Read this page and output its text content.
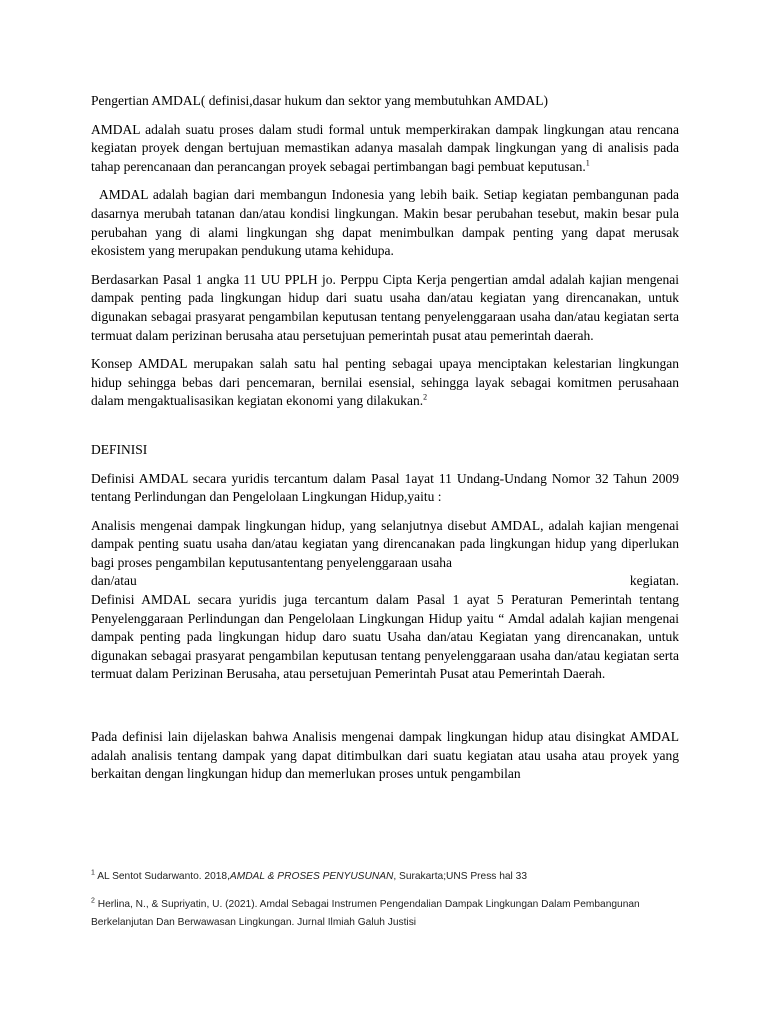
Pengertian AMDAL( definisi,dasar hukum dan sektor yang membutuhkan AMDAL)

AMDAL adalah suatu proses dalam studi formal untuk memperkirakan dampak lingkungan atau rencana kegiatan proyek dengan bertujuan memastikan adanya masalah dampak lingkungan yang di analisis pada tahap perencanaan dan perancangan proyek sebagai pertimbangan bagi pembuat keputusan.$^1$

AMDAL adalah bagian dari membangun Indonesia yang lebih baik. Setiap kegiatan pembangunan pada dasarnya merubah tatanan dan/atau kondisi lingkungan. Makin besar perubahan tesebut, makin besar pula perubahan yang di alami lingkungan shg dapat menimbulkan dampak penting yang dapat merusak ekosistem yang merupakan pendukung utama kehidupa.

Berdasarkan Pasal 1 angka 11 UU PPLH jo. Perppu Cipta Kerja pengertian amdal adalah kajian mengenai dampak penting pada lingkungan hidup dari suatu usaha dan/atau kegiatan yang direncanakan, untuk digunakan sebagai prasyarat pengambilan keputusan tentang penyelenggaraan usaha dan/atau kegiatan serta termuat dalam perizinan berusaha atau persetujuan pemerintah pusat atau pemerintah daerah.

Konsep AMDAL merupakan salah satu hal penting sebagai upaya menciptakan kelestarian lingkungan hidup sehingga bebas dari pencemaran, bernilai esensial, sehingga layak sebagai komitmen perusahaan dalam mengaktualisasikan kegiatan ekonomi yang dilakukan.$^2$

DEFINISI

Definisi AMDAL secara yuridis tercantum dalam Pasal 1ayat 11 Undang-Undang Nomor 32 Tahun 2009 tentang Perlindungan dan Pengelolaan Lingkungan Hidup,yaitu :

Analisis mengenai dampak lingkungan hidup, yang selanjutnya disebut AMDAL, adalah kajian mengenai dampak penting suatu usaha dan/atau kegiatan yang direncanakan pada lingkungan hidup yang diperlukan bagi proses pengambilan keputusantentang penyelenggaraan usaha

dan/atau kegiatan.

Definisi AMDAL secara yuridis juga tercantum dalam Pasal 1 ayat 5 Peraturan Pemerintah tentang Penyelenggaraan Perlindungan dan Pengelolaan Lingkungan Hidup yaitu “ Amdal adalah kajian mengenai dampak penting pada lingkungan hidup daro suatu Usaha dan/atau Kegiatan yang direncanakan, untuk digunakan sebagai prasyarat pengambilan keputusan tentang penyelenggaraan usaha dan/atau kegiatan serta termuat dalam Perizinan Berusaha, atau persetujuan Pemerintah Pusat atau Pemerintah Daerah.

Pada definisi lain dijelaskan bahwa Analisis mengenai dampak lingkungan hidup atau disingkat AMDAL adalah analisis tentang dampak yang dapat ditimbulkan dari suatu kegiatan atau usaha atau proyek yang berkaitan dengan lingkungan hidup dan memerlukan proses untuk pengambilan

$^1$ AL Sentot Sudarwanto. 2018,AMDAL & PROSES PENYUSUNAN, Surakarta;UNS Press hal 33

$^2$ Herlina, N., & Supriyatin, U. (2021). Amdal Sebagai Instrumen Pengendalian Dampak Lingkungan Dalam Pembangunan Berkelanjutan Dan Berwawasan Lingkungan. Jurnal Ilmiah Galuh Justisi
